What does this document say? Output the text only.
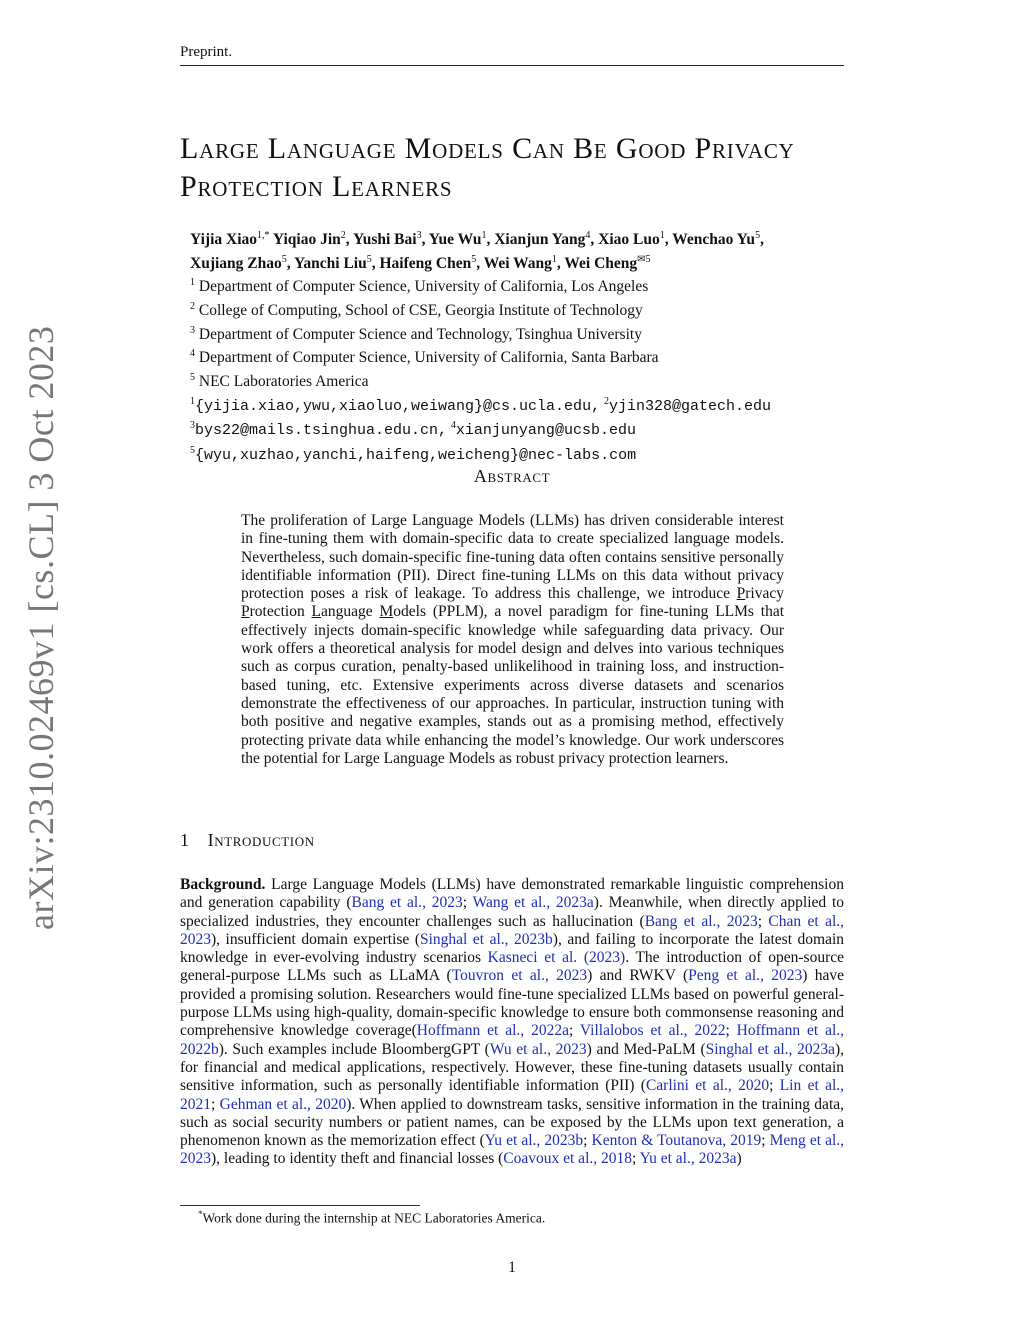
Preprint.
arXiv:2310.02469v1 [cs.CL] 3 Oct 2023
Large Language Models Can Be Good Privacy
Protection Learners
Yijia Xiao$^{1,*}$ Yiqiao Jin$^2$, Yushi Bai$^3$, Yue Wu$^1$, Xianjun Yang$^4$, Xiao Luo$^1$, Wenchao Yu$^5$,
Xujiang Zhao$^5$, Yanchi Liu$^5$, Haifeng Chen$^5$, Wei Wang$^1$, Wei Cheng$^{✉5}$
$^1$ Department of Computer Science, University of California, Los Angeles
$^2$ College of Computing, School of CSE, Georgia Institute of Technology
$^3$ Department of Computer Science and Technology, Tsinghua University
$^4$ Department of Computer Science, University of California, Santa Barbara
$^5$ NEC Laboratories America
$^1${yijia.xiao,ywu,xiaoluo,weiwang}@cs.ucla.edu, $^2$yjin328@gatech.edu
$^3$bys22@mails.tsinghua.edu.cn, $^4$xianjunyang@ucsb.edu
$^5${wyu,xuzhao,yanchi,haifeng,weicheng}@nec-labs.com
Abstract
The proliferation of Large Language Models (LLMs) has driven considerable interest in fine-tuning them with domain-specific data to create specialized language models. Nevertheless, such domain-specific fine-tuning data often contains sensitive personally identifiable information (PII). Direct fine-tuning LLMs on this data without privacy protection poses a risk of leakage. To address this challenge, we introduce Privacy Protection Language Models (PPLM), a novel paradigm for fine-tuning LLMs that effectively injects domain-specific knowledge while safeguarding data privacy. Our work offers a theoretical analysis for model design and delves into various techniques such as corpus curation, penalty-based unlikelihood in training loss, and instruction-based tuning, etc. Extensive experiments across diverse datasets and scenarios demonstrate the effectiveness of our approaches. In particular, instruction tuning with both positive and negative examples, stands out as a promising method, effectively protecting private data while enhancing the model’s knowledge. Our work underscores the potential for Large Language Models as robust privacy protection learners.
1 Introduction
Background. Large Language Models (LLMs) have demonstrated remarkable linguistic comprehension and generation capability (Bang et al., 2023; Wang et al., 2023a). Meanwhile, when directly applied to specialized industries, they encounter challenges such as hallucination (Bang et al., 2023; Chan et al., 2023), insufficient domain expertise (Singhal et al., 2023b), and failing to incorporate the latest domain knowledge in ever-evolving industry scenarios Kasneci et al. (2023). The introduction of open-source general-purpose LLMs such as LLaMA (Touvron et al., 2023) and RWKV (Peng et al., 2023) have provided a promising solution. Researchers would fine-tune specialized LLMs based on powerful general-purpose LLMs using high-quality, domain-specific knowledge to ensure both commonsense reasoning and comprehensive knowledge coverage(Hoffmann et al., 2022a; Villalobos et al., 2022; Hoffmann et al., 2022b). Such examples include BloombergGPT (Wu et al., 2023) and Med-PaLM (Singhal et al., 2023a), for financial and medical applications, respectively. However, these fine-tuning datasets usually contain sensitive information, such as personally identifiable information (PII) (Carlini et al., 2020; Lin et al., 2021; Gehman et al., 2020). When applied to downstream tasks, sensitive information in the training data, such as social security numbers or patient names, can be exposed by the LLMs upon text generation, a phenomenon known as the memorization effect (Yu et al., 2023b; Kenton & Toutanova, 2019; Meng et al., 2023), leading to identity theft and financial losses (Coavoux et al., 2018; Yu et al., 2023a)
*Work done during the internship at NEC Laboratories America.
1
